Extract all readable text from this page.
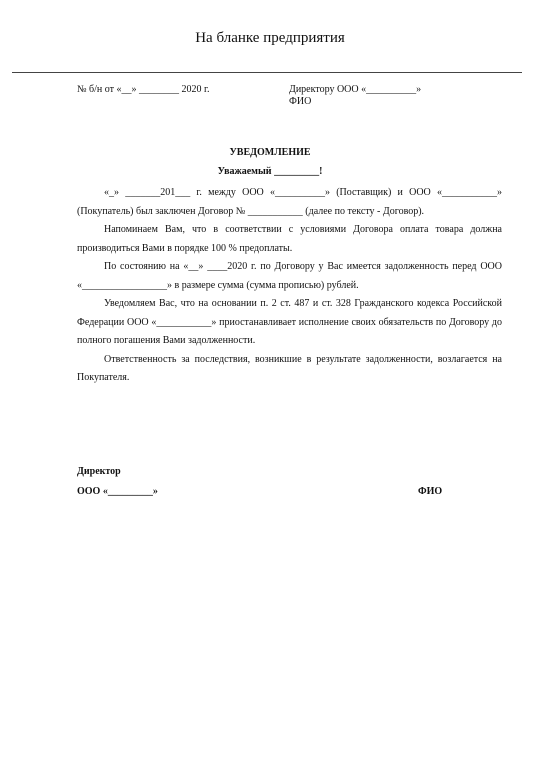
На бланке предприятия
№ б/н от «__» ________ 2020 г.	Директору ООО «__________»
ФИО
УВЕДОМЛЕНИЕ
Уважаемый _________!

«_» _______201___ г. между ООО «__________» (Поставщик) и ООО «___________» (Покупатель) был заключен Договор № ___________ (далее по тексту - Договор).

Напоминаем Вам, что в соответствии с условиями Договора оплата товара должна производиться Вами в порядке 100 % предоплаты.

По состоянию на «__» ____2020 г. по Договору у Вас имеется задолженность перед ООО «_________________» в размере сумма (сумма прописью) рублей.

Уведомляем Вас, что на основании п. 2 ст. 487 и ст. 328 Гражданского кодекса Российской Федерации ООО «___________» приостанавливает исполнение своих обязательств по Договору до полного погашения Вами задолженности.

Ответственность за последствия, возникшие в результате задолженности, возлагается на Покупателя.

Директор
ООО «_________»	ФИО
